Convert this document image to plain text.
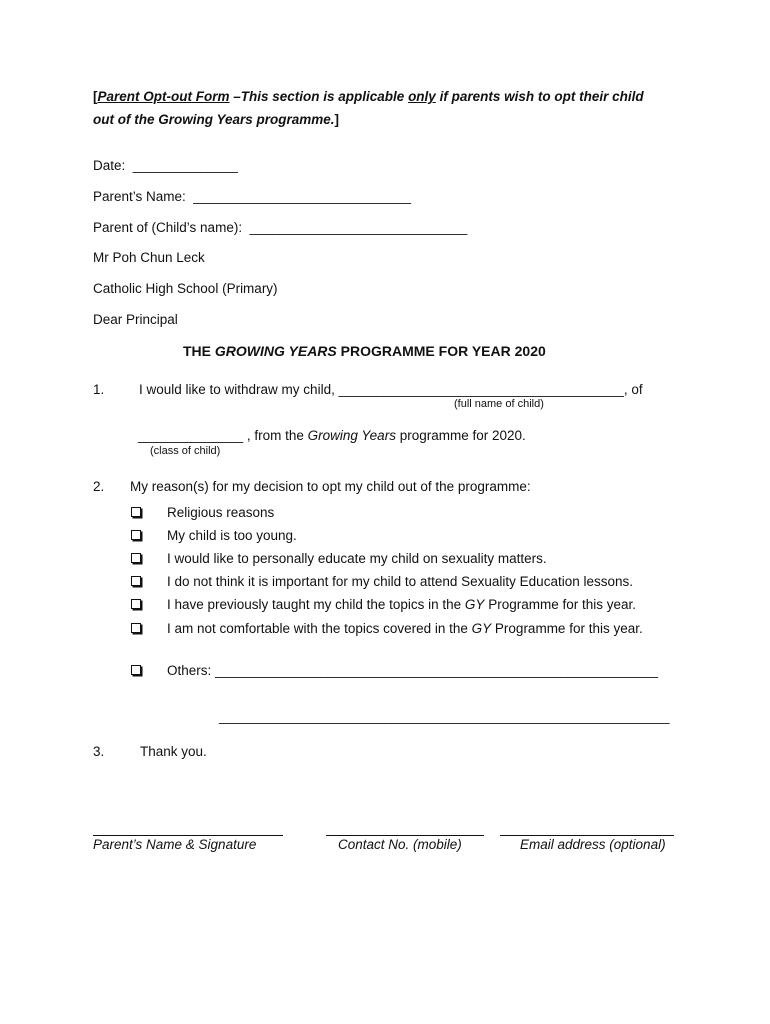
[Parent Opt-out Form –This section is applicable only if parents wish to opt their child
out of the Growing Years programme.]
Date:  ______________
Parent’s Name:  _____________________________
Parent of (Child’s name):  _____________________________
Mr Poh Chun Leck
Catholic High School (Primary)
Dear Principal
THE GROWING YEARS PROGRAMME FOR YEAR 2020
1.	I would like to withdraw my child, ______________________________________, of
(full name of child)
______________ , from the Growing Years programme for 2020.
(class of child)
2. My reason(s) for my decision to opt my child out of the programme:
Religious reasons
My child is too young.
I would like to personally educate my child on sexuality matters.
I do not think it is important for my child to attend Sexuality Education lessons.
I have previously taught my child the topics in the GY Programme for this year.
I am not comfortable with the topics covered in the GY Programme for this year.
Others: ___________________________________________________________
____________________________________________________________
3.	Thank you.
Parent’s Name & Signature	Contact No. (mobile)	Email address (optional)
